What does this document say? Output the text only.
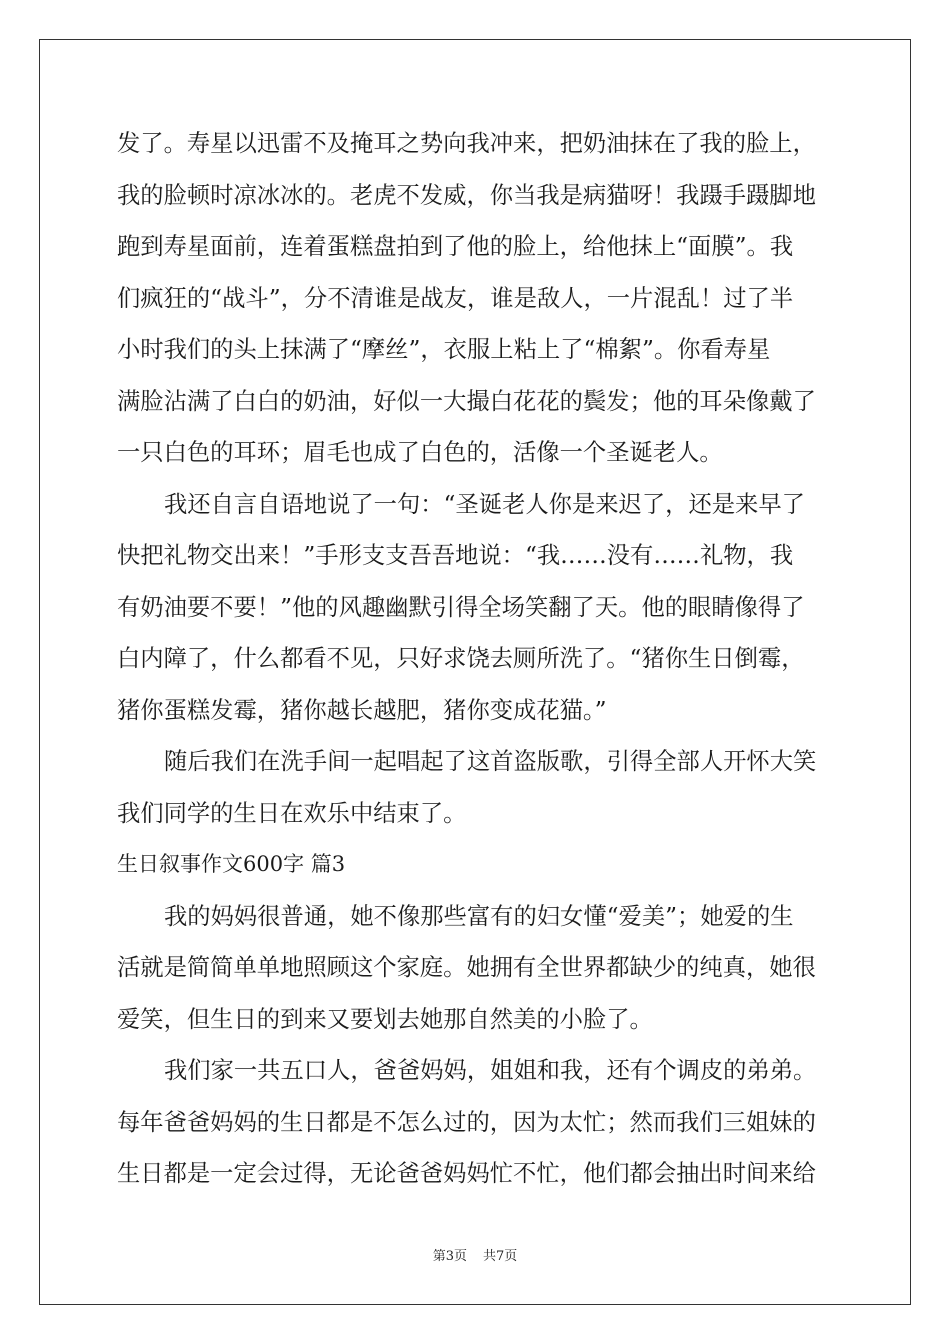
发了。寿星以迅雷不及掩耳之势向我冲来，把奶油抹在了我的脸上，
我的脸顿时凉冰冰的。老虎不发威，你当我是病猫呀！我蹑手蹑脚地
跑到寿星面前，连着蛋糕盘拍到了他的脸上，给他抹上“面膜”。我
们疯狂的“战斗”，分不清谁是战友，谁是敌人，一片混乱！过了半
小时我们的头上抹满了“摩丝”，衣服上粘上了“棉絮”。你看寿星
满脸沾满了白白的奶油，好似一大撮白花花的鬓发；他的耳朵像戴了
一只白色的耳环；眉毛也成了白色的，活像一个圣诞老人。
我还自言自语地说了一句：“圣诞老人你是来迟了，还是来早了
快把礼物交出来！”手形支支吾吾地说：“我……没有……礼物，我
有奶油要不要！”他的风趣幽默引得全场笑翻了天。他的眼睛像得了
白内障了，什么都看不见，只好求饶去厕所洗了。“猪你生日倒霉，
猪你蛋糕发霉，猪你越长越肥，猪你变成花猫。”
随后我们在洗手间一起唱起了这首盗版歌，引得全部人开怀大笑
我们同学的生日在欢乐中结束了。
生日叙事作文600字 篇3
我的妈妈很普通，她不像那些富有的妇女懂“爱美”；她爱的生
活就是简简单单地照顾这个家庭。她拥有全世界都缺少的纯真，她很
爱笑，但生日的到来又要划去她那自然美的小脸了。
我们家一共五口人，爸爸妈妈，姐姐和我，还有个调皮的弟弟。
每年爸爸妈妈的生日都是不怎么过的，因为太忙；然而我们三姐妹的
生日都是一定会过得，无论爸爸妈妈忙不忙，他们都会抽出时间来给
第3页 共7页
